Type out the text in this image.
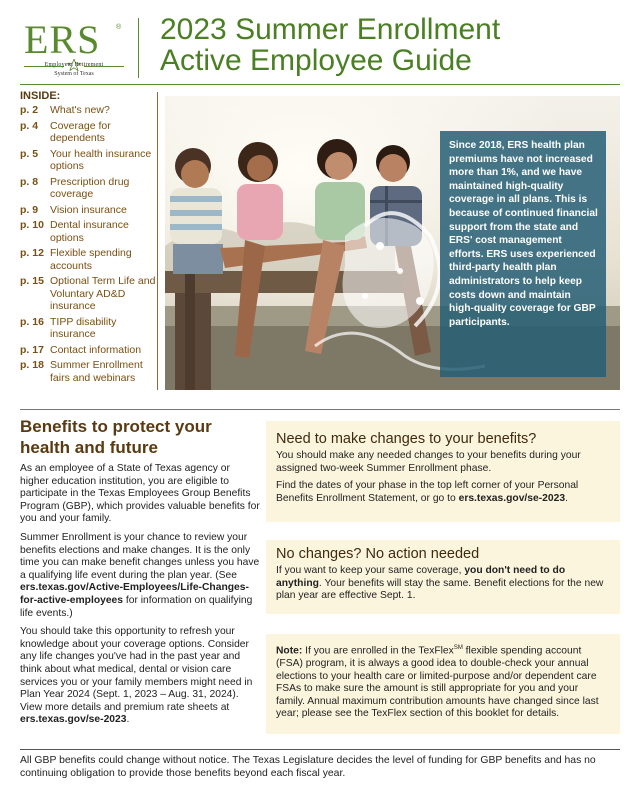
ERS ®
Employees Retirement
System of Texas
2023 Summer Enrollment
Active Employee Guide
INSIDE:
p. 2	What's new?
p. 4	Coverage for dependents
p. 5	Your health insurance options
p. 8	Prescription drug coverage
p. 9	Vision insurance
p. 10 Dental insurance options
p. 12 Flexible spending accounts
p. 15 Optional Term Life and Voluntary AD&D insurance
p. 16 TIPP disability insurance
p. 17 Contact information
p. 18 Summer Enrollment fairs and webinars
Since 2018, ERS health plan premiums have not increased more than 1%, and we have maintained high-quality coverage in all plans. This is because of continued financial support from the state and ERS' cost management efforts. ERS uses experienced third-party health plan administrators to help keep costs down and maintain high-quality coverage for GBP participants.
Benefits to protect your health and future

As an employee of a State of Texas agency or higher education institution, you are eligible to participate in the Texas Employees Group Benefits Program (GBP), which provides valuable benefits for you and your family.

Summer Enrollment is your chance to review your benefits elections and make changes. It is the only time you can make benefit changes unless you have a qualifying life event during the plan year. (See ers.texas.gov/Active-Employees/Life-Changes-for-active-employees for information on qualifying life events.)

You should take this opportunity to refresh your knowledge about your coverage options. Consider any life changes you've had in the past year and think about what medical, dental or vision care services you or your family members might need in Plan Year 2024 (Sept. 1, 2023 – Aug. 31, 2024). View more details and premium rate sheets at ers.texas.gov/se-2023.

Need to make changes to your benefits?

You should make any needed changes to your benefits during your assigned two-week Summer Enrollment phase.

Find the dates of your phase in the top left corner of your Personal Benefits Enrollment Statement, or go to ers.texas.gov/se-2023.

No changes? No action needed

If you want to keep your same coverage, you don't need to do anything. Your benefits will stay the same. Benefit elections for the new plan year are effective Sept. 1.

Note: If you are enrolled in the TexFlex℠ flexible spending account (FSA) program, it is always a good idea to double-check your annual elections to your health care or limited-purpose and/or dependent care FSAs to make sure the amount is still appropriate for you and your family. Annual maximum contribution amounts have changed since last year; please see the TexFlex section of this booklet for details.

All GBP benefits could change without notice. The Texas Legislature decides the level of funding for GBP benefits and has no continuing obligation to provide those benefits beyond each fiscal year.
